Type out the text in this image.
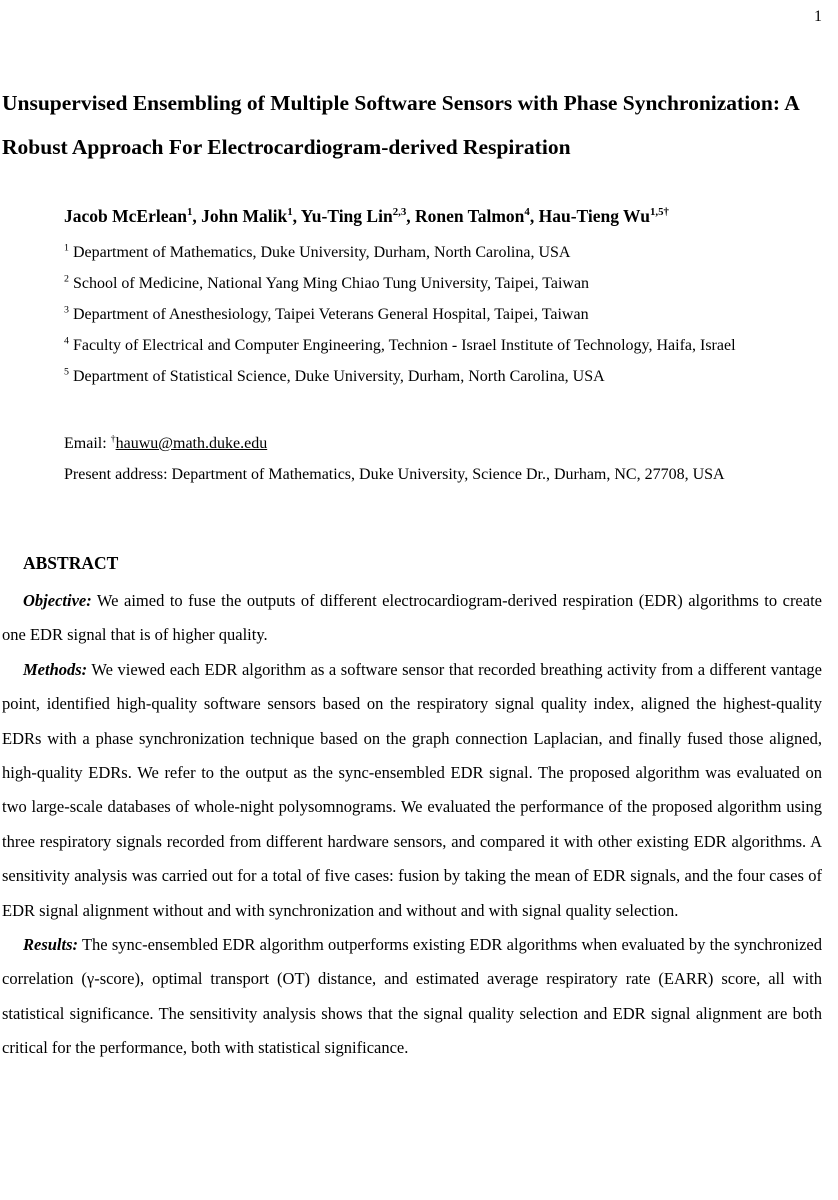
1
Unsupervised Ensembling of Multiple Software Sensors with Phase Synchronization: A Robust Approach For Electrocardiogram-derived Respiration

Jacob McErlean$^1$, John Malik$^1$, Yu-Ting Lin$^{2,3}$, Ronen Talmon$^4$, Hau-Tieng $Wu^{1,5\dagger}$

$^1$ Department of Mathematics, Duke University, Durham, North Carolina, USA

$^2$ School of Medicine, National Yang Ming Chiao Tung University, Taipei, Taiwan

$^3$ Department of Anesthesiology, Taipei Veterans General Hospital, Taipei, Taiwan

$^4$ Faculty of Electrical and Computer Engineering, Technion - Israel Institute of Technology, Haifa, Israel

$^5$ Department of Statistical Science, Duke University, Durham, North Carolina, USA

Email: †hauwu@math.duke.edu

Present address: Department of Mathematics, Duke University, Science Dr., Durham, NC, 27708, USA

ABSTRACT

Objective: We aimed to fuse the outputs of different electrocardiogram-derived respiration (EDR) algorithms to create one EDR signal that is of higher quality.

Methods: We viewed each EDR algorithm as a software sensor that recorded breathing activity from a different vantage point, identified high-quality software sensors based on the respiratory signal quality index, aligned the highest-quality EDRs with a phase synchronization technique based on the graph connection Laplacian, and finally fused those aligned, high-quality EDRs. We refer to the output as the sync-ensembled EDR signal. The proposed algorithm was evaluated on two large-scale databases of whole-night polysomnograms. We evaluated the performance of the proposed algorithm using three respiratory signals recorded from different hardware sensors, and compared it with other existing EDR algorithms. A sensitivity analysis was carried out for a total of five cases: fusion by taking the mean of EDR signals, and the four cases of EDR signal alignment without and with synchronization and without and with signal quality selection.

Results: The sync-ensembled EDR algorithm outperforms existing EDR algorithms when evaluated by the synchronized correlation (γ-score), optimal transport (OT) distance, and estimated average respiratory rate (EARR) score, all with statistical significance. The sensitivity analysis shows that the signal quality selection and EDR signal alignment are both critical for the performance, both with statistical significance.
